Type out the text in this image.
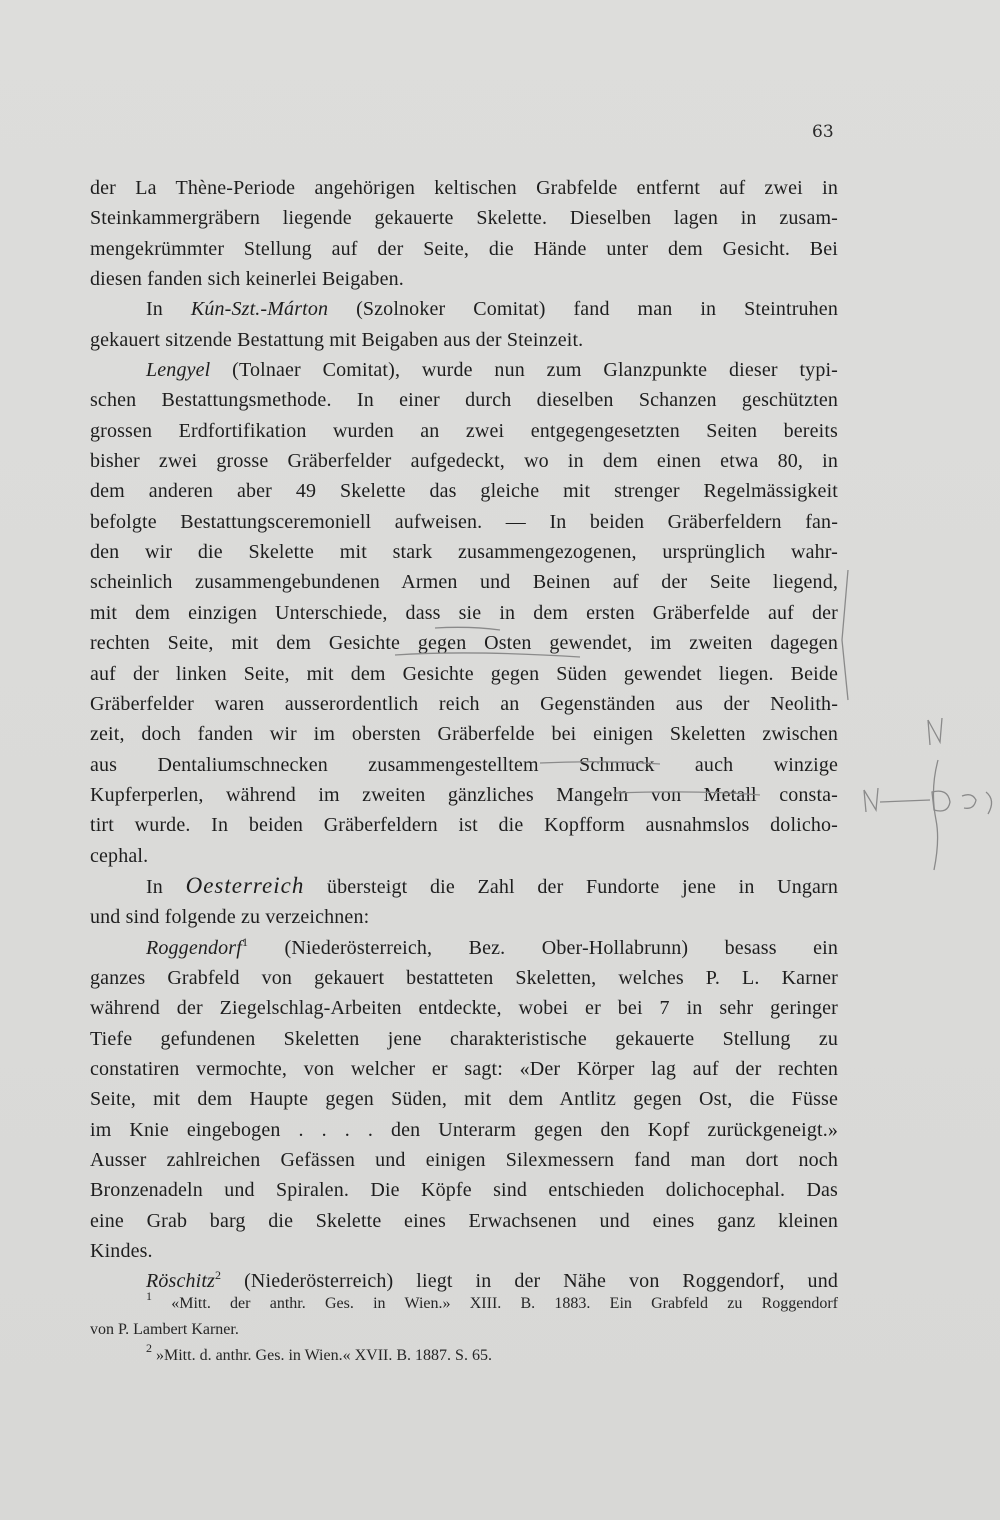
63
der La Thène-Periode angehörigen keltischen Grabfelde entfernt auf zwei in
Steinkammergräbern liegende gekauerte Skelette. Dieselben lagen in zusam-
mengekrümmter Stellung auf der Seite, die Hände unter dem Gesicht. Bei
diesen fanden sich keinerlei Beigaben.
In Kún-Szt.-Márton (Szolnoker Comitat) fand man in Steintruhen
gekauert sitzende Bestattung mit Beigaben aus der Steinzeit.
Lengyel (Tolnaer Comitat), wurde nun zum Glanzpunkte dieser typi-
schen Bestattungsmethode. In einer durch dieselben Schanzen geschützten
grossen Erdfortifikation wurden an zwei entgegengesetzten Seiten bereits
bisher zwei grosse Gräberfelder aufgedeckt, wo in dem einen etwa 80, in
dem anderen aber 49 Skelette das gleiche mit strenger Regelmässigkeit
befolgte Bestattungsceremoniell aufweisen. — In beiden Gräberfeldern fan-
den wir die Skelette mit stark zusammengezogenen, ursprünglich wahr-
scheinlich zusammengebundenen Armen und Beinen auf der Seite liegend,
mit dem einzigen Unterschiede, dass sie in dem ersten Gräberfelde auf der
rechten Seite, mit dem Gesichte gegen Osten gewendet, im zweiten dagegen
auf der linken Seite, mit dem Gesichte gegen Süden gewendet liegen. Beide
Gräberfelder waren ausserordentlich reich an Gegenständen aus der Neolith-
zeit, doch fanden wir im obersten Gräberfelde bei einigen Skeletten zwischen
aus Dentaliumschnecken zusammengestelltem Schmuck auch winzige
Kupferperlen, während im zweiten gänzliches Mangeln von Metall consta-
tirt wurde. In beiden Gräberfeldern ist die Kopfform ausnahmslos dolicho-
cephal.
In Oesterreich übersteigt die Zahl der Fundorte jene in Ungarn
und sind folgende zu verzeichnen:
Roggendorf$^1$ (Niederösterreich, Bez. Ober-Hollabrunn) besass ein
ganzes Grabfeld von gekauert bestatteten Skeletten, welches P. L. Karner
während der Ziegelschlag-Arbeiten entdeckte, wobei er bei 7 in sehr geringer
Tiefe gefundenen Skeletten jene charakteristische gekauerte Stellung zu
constatiren vermochte, von welcher er sagt: «Der Körper lag auf der rechten
Seite, mit dem Haupte gegen Süden, mit dem Antlitz gegen Ost, die Füsse
im Knie eingebogen . . . . den Unterarm gegen den Kopf zurückgeneigt.»
Ausser zahlreichen Gefässen und einigen Silexmessern fand man dort noch
Bronzenadeln und Spiralen. Die Köpfe sind entschieden dolichocephal. Das
eine Grab barg die Skelette eines Erwachsenen und eines ganz kleinen
Kindes.
Röschitz$^2$ (Niederösterreich) liegt in der Nähe von Roggendorf, und
$^1$ «Mitt. der anthr. Ges. in Wien.» XIII. B. 1883. Ein Grabfeld zu Roggendorf
von P. Lambert Karner.
$^2$ »Mitt. d. anthr. Ges. in Wien.« XVII. B. 1887. S. 65.
